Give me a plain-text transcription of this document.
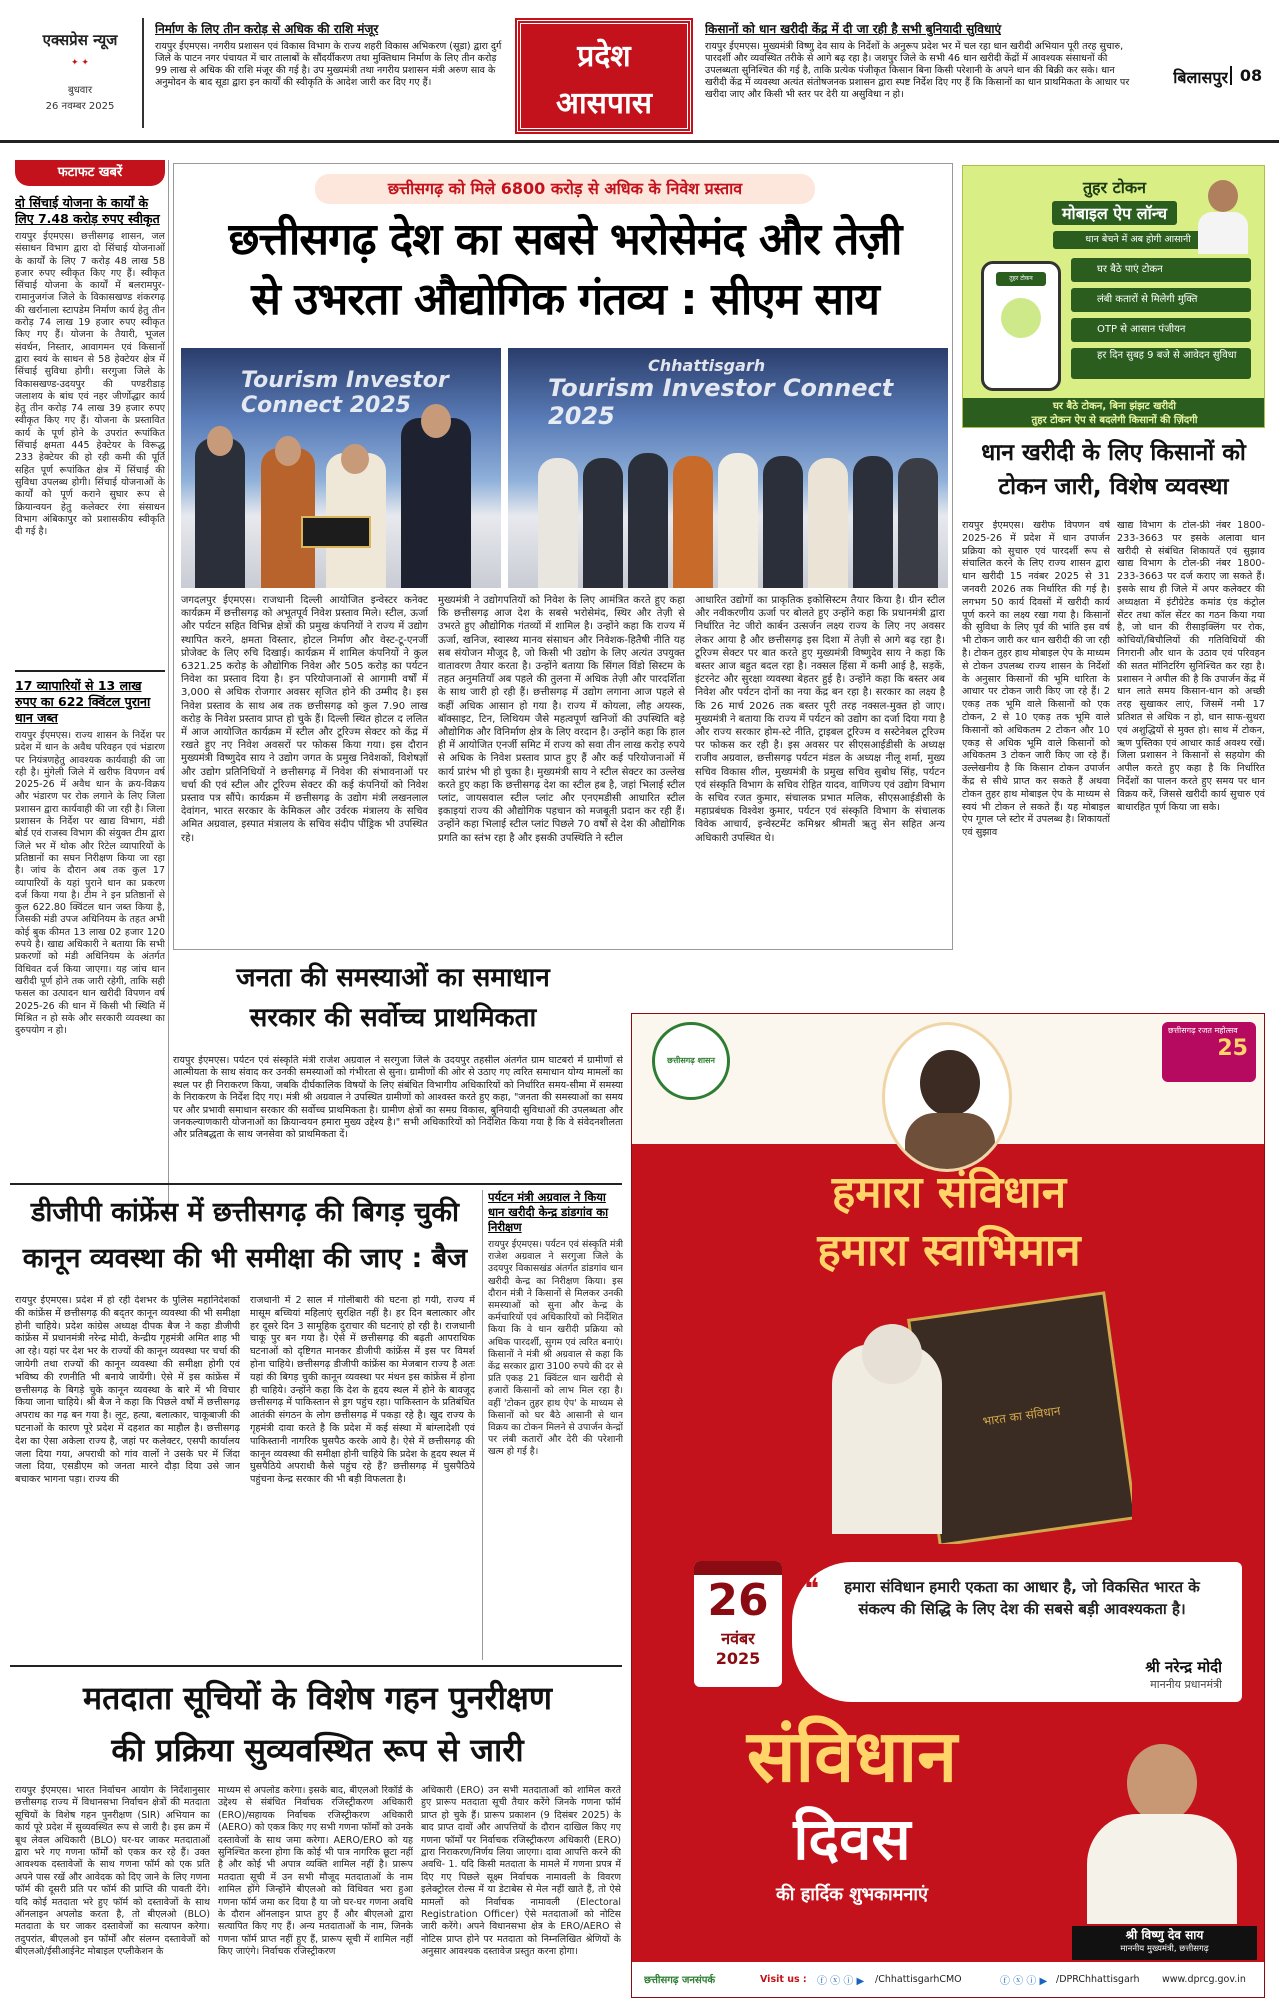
एक्सप्रेस न्यूज
✦ ✦
बुधवार
26 नवम्बर 2025
निर्माण के लिए तीन करोड़ से अधिक की राशि मंजूर
रायपुर ईएमएस। नगरीय प्रशासन एवं विकास विभाग के राज्य शहरी विकास अभिकरण (सूडा) द्वारा दुर्ग जिले के पाटन नगर पंचायत में चार तालाबों के सौंदर्यीकरण तथा मुक्तिधाम निर्माण के लिए तीन करोड़ 99 लाख से अधिक की राशि मंजूर की गई है। उप मुख्यमंत्री तथा नगरीय प्रशासन मंत्री अरुण साव के अनुमोदन के बाद सूडा द्वारा इन कार्यों की स्वीकृति के आदेश जारी कर दिए गए हैं।
प्रदेश
आसपास
किसानों को धान खरीदी केंद्र में दी जा रही है सभी बुनियादी सुविधाएं
रायपुर ईएमएस। मुख्यमंत्री विष्णु देव साय के निर्देशों के अनुरूप प्रदेश भर में चल रहा धान खरीदी अभियान पूरी तरह सुचारु, पारदर्शी और व्यवस्थित तरीके से आगे बढ़ रहा है। जशपुर जिले के सभी 46 धान खरीदी केंद्रों में आवश्यक संसाधनों की उपलब्धता सुनिश्चित की गई है, ताकि प्रत्येक पंजीकृत किसान बिना किसी परेशानी के अपने धान की बिक्री कर सके। धान खरीदी केंद्र में व्यवस्था अत्यंत संतोषजनक प्रशासन द्वारा स्पष्ट निर्देश दिए गए हैं कि किसानों का धान प्राथमिकता के आधार पर खरीदा जाए और किसी भी स्तर पर देरी या असुविधा न हो।
बिलासपुर 08
फटाफट खबरें
दो सिंचाई योजना के कार्यों के लिए 7.48 करोड़ रुपए स्वीकृत
रायपुर ईएमएस। छत्तीसगढ़ शासन, जल संसाधन विभाग द्वारा दो सिंचाई योजनाओं के कार्यों के लिए 7 करोड़ 48 लाख 58 हजार रुपए स्वीकृत किए गए हैं। स्वीकृत सिंचाई योजना के कार्यों में बलरामपुर-रामानुजगंज जिले के विकासखण्ड शंकरगढ़ की खर्रानाला स्टापडेम निर्माण कार्य हेतु तीन करोड़ 74 लाख 19 हजार रुपए स्वीकृत किए गए हैं। योजना के तैयारी, भूजल संवर्धन, निस्तार, आवागमन एवं किसानों द्वारा स्वयं के साधन से 58 हेक्टेयर क्षेत्र में सिंचाई सुविधा होगी। सरगुजा जिले के विकासखण्ड-उदयपुर की पण्डरीडाड़ जलाशय के बांध एवं नहर जीर्णोद्धार कार्य हेतु तीन करोड़ 74 लाख 39 हजार रुपए स्वीकृत किए गए हैं। योजना के प्रस्तावित कार्य के पूर्ण होने के उपरांत रूपांकित सिंचाई क्षमता 445 हेक्टेयर के विरूद्ध 233 हेक्टेयर की हो रही कमी की पूर्ति सहित पूर्ण रूपांकित क्षेत्र में सिंचाई की सुविधा उपलब्ध होगी। सिंचाई योजनाओं के कार्यों को पूर्ण कराने सुघार रूप से क्रियान्वयन हेतु कलेक्टर रंगा संसाधन विभाग अंबिकापुर को प्रशासकीय स्वीकृति दी गई है।
17 व्यापारियों से 13 लाख रुपए का 622 क्विंटल पुराना धान जब्त
रायपुर ईएमएस। राज्य शासन के निर्देश पर प्रदेश में धान के अवैध परिवहन एवं भंडारण पर नियंत्रणहेतु आवश्यक कार्यवाही की जा रही है। मुंगेली जिले में खरीफ विपणन वर्ष 2025-26 में अवैध धान के क्रय-विक्रय और भंडारण पर रोक लगाने के लिए जिला प्रशासन द्वारा कार्यवाही की जा रही है। जिला प्रशासन के निर्देश पर खाद्य विभाग, मंडी बोर्ड एवं राजस्व विभाग की संयुक्त टीम द्वारा जिले भर में थोक और रिटेल व्यापारियों के प्रतिष्ठानों का सघन निरीक्षण किया जा रहा है। जांच के दौरान अब तक कुल 17 व्यापारियों के यहां पुराने धान का प्रकरण दर्ज किया गया है। टीम ने इन प्रतिष्ठानों से कुल 622.80 क्विंटल धान जब्त किया है, जिसकी मंडी उपज अधिनियम के तहत अभी कोई बुक कीमत 13 लाख 02 हजार 120 रुपये है। खाद्य अधिकारी ने बताया कि सभी प्रकरणों को मंडी अधिनियम के अंतर्गत विधिवत दर्ज किया जाएगा। यह जांच धान खरीदी पूर्ण होने तक जारी रहेगी, ताकि सही फसल का उत्पादन धान खरीदी विपणन वर्ष 2025-26 की धान में किसी भी स्थिति में मिश्रित न हो सके और सरकारी व्यवस्था का दुरुपयोग न हो।
छत्तीसगढ़ को मिले 6800 करोड़ से अधिक के निवेश प्रस्ताव
छत्तीसगढ़ देश का सबसे भरोसेमंद और तेज़ी
से उभरता औद्योगिक गंतव्य : सीएम साय
Tourism Investor Connect 2025
Chhattisgarh
Tourism Investor Connect 2025
जगदलपुर ईएमएस। राजधानी दिल्ली आयोजित इन्वेस्टर कनेक्ट कार्यक्रम में छत्तीसगढ़ को अभूतपूर्व निवेश प्रस्ताव मिले। स्टील, ऊर्जा और पर्यटन सहित विभिन्न क्षेत्रों की प्रमुख कंपनियों ने राज्य में उद्योग स्थापित करने, क्षमता विस्तार, होटल निर्माण और वेस्ट-टू-एनर्जी प्रोजेक्ट के लिए रुचि दिखाई। कार्यक्रम में शामिल कंपनियों ने कुल 6321.25 करोड़ के औद्योगिक निवेश और 505 करोड़ का पर्यटन निवेश का प्रस्ताव दिया है। इन परियोजनाओं से आगामी वर्षों में 3,000 से अधिक रोजगार अवसर सृजित होने की उम्मीद है। इस निवेश प्रस्ताव के साथ अब तक छत्तीसगढ़ को कुल 7.90 लाख करोड़ के निवेश प्रस्ताव प्राप्त हो चुके हैं। दिल्ली स्थित होटल द ललित में आज आयोजित कार्यक्रम में स्टील और टूरिज्म सेक्टर को केंद्र में रखते हुए नए निवेश अवसरों पर फोकस किया गया। इस दौरान मुख्यमंत्री विष्णुदेव साय ने उद्योग जगत के प्रमुख निवेशकों, विशेषज्ञों और उद्योग प्रतिनिधियों ने छत्तीसगढ़ में निवेश की संभावनाओं पर चर्चा की एवं स्टील और टूरिज्म सेक्टर की कई कंपनियों को निवेश प्रस्ताव पत्र सौंपे। कार्यक्रम में छत्तीसगढ़ के उद्योग मंत्री लखनलाल देवांगन, भारत सरकार के केमिकल और उर्वरक मंत्रालय के सचिव अमित अग्रवाल, इस्पात मंत्रालय के सचिव संदीप पौंड्रिक भी उपस्थित रहे।
मुख्यमंत्री ने उद्योगपतियों को निवेश के लिए आमंत्रित करते हुए कहा कि छत्तीसगढ़ आज देश के सबसे भरोसेमंद, स्थिर और तेज़ी से उभरते हुए औद्योगिक गंतव्यों में शामिल है। उन्होंने कहा कि राज्य में ऊर्जा, खनिज, स्वास्थ्य मानव संसाधन और निवेशक-हितैषी नीति यह सब संयोजन मौजूद है, जो किसी भी उद्योग के लिए अत्यंत उपयुक्त वातावरण तैयार करता है। उन्होंने बताया कि सिंगल विंडो सिस्टम के तहत अनुमतियाँ अब पहले की तुलना में अधिक तेज़ी और पारदर्शिता के साथ जारी हो रही हैं। छत्तीसगढ़ में उद्योग लगाना आज पहले से कहीं अधिक आसान हो गया है। राज्य में कोयला, लौह अयस्क, बॉक्साइट, टिन, लिथियम जैसे महत्वपूर्ण खनिजों की उपस्थिति बड़े औद्योगिक और विनिर्माण क्षेत्र के लिए वरदान है। उन्होंने कहा कि हाल ही में आयोजित एनर्जी समिट में राज्य को सवा तीन लाख करोड़ रुपये से अधिक के निवेश प्रस्ताव प्राप्त हुए हैं और कई परियोजनाओं में कार्य प्रारंभ भी हो चुका है। मुख्यमंत्री साय ने स्टील सेक्टर का उल्लेख करते हुए कहा कि छत्तीसगढ़ देश का स्टील हब है, जहां भिलाई स्टील प्लांट, जायसवाल स्टील प्लांट और एनएमडीसी आधारित स्टील इकाइयां राज्य की औद्योगिक पहचान को मजबूती प्रदान कर रही हैं। उन्होंने कहा भिलाई स्टील प्लांट पिछले 70 वर्षों से देश की औद्योगिक प्रगति का स्तंभ रहा है और इसकी उपस्थिति ने स्टील
आधारित उद्योगों का प्राकृतिक इकोसिस्टम तैयार किया है। ग्रीन स्टील और नवीकरणीय ऊर्जा पर बोलते हुए उन्होंने कहा कि प्रधानमंत्री द्वारा निर्धारित नेट जीरो कार्बन उत्सर्जन लक्ष्य राज्य के लिए नए अवसर लेकर आया है और छत्तीसगढ़ इस दिशा में तेज़ी से आगे बढ़ रहा है। टूरिज्म सेक्टर पर बात करते हुए मुख्यमंत्री विष्णुदेव साय ने कहा कि बस्तर आज बहुत बदल रहा है। नक्सल हिंसा में कमी आई है, सड़कें, इंटरनेट और सुरक्षा व्यवस्था बेहतर हुई है। उन्होंने कहा कि बस्तर अब निवेश और पर्यटन दोनों का नया केंद्र बन रहा है। सरकार का लक्ष्य है कि 26 मार्च 2026 तक बस्तर पूरी तरह नक्सल-मुक्त हो जाए। मुख्यमंत्री ने बताया कि राज्य में पर्यटन को उद्योग का दर्जा दिया गया है और राज्य सरकार होम-स्टे नीति, ट्राइबल टूरिज्म व सस्टेनेबल टूरिज्म पर फोकस कर रही है। इस अवसर पर सीएसआईडीसी के अध्यक्ष राजीव अग्रवाल, छत्तीसगढ़ पर्यटन मंडल के अध्यक्ष नीलू शर्मा, मुख्य सचिव विकास शील, मुख्यमंत्री के प्रमुख सचिव सुबोध सिंह, पर्यटन एवं संस्कृति विभाग के सचिव रोहित यादव, वाणिज्य एवं उद्योग विभाग के सचिव रजत कुमार, संचालक प्रभात मलिक, सीएसआईडीसी के महाप्रबंधक विश्वेश कुमार, पर्यटन एवं संस्कृति विभाग के संचालक विवेक आचार्य, इन्वेस्टमेंट कमिश्नर श्रीमती ऋतु सेन सहित अन्य अधिकारी उपस्थित थे।
तुहर टोकन
मोबाइल ऐप लॉन्च
धान बेचने में अब होगी आसानी
तुहर टोकन
घर बैठे पाएं टोकन
लंबी कतारों से मिलेगी मुक्ति
OTP से आसान पंजीयन
हर दिन सुबह 9 बजे से आवेदन सुविधा
घर बैठे टोकन, बिना झंझट खरीदी
तुहर टोकन ऐप से बदलेगी किसानों की ज़िंदगी
धान खरीदी के लिए किसानों को टोकन जारी, विशेष व्यवस्था
रायपुर ईएमएस। खरीफ विपणन वर्ष 2025-26 में प्रदेश में धान उपार्जन प्रक्रिया को सुचारु एवं पारदर्शी रूप से संचालित करने के लिए राज्य शासन द्वारा धान खरीदी 15 नवंबर 2025 से 31 जनवरी 2026 तक निर्धारित की गई है। लगभग 50 कार्य दिवसों में खरीदी कार्य पूर्ण करने का लक्ष्य रखा गया है। किसानों की सुविधा के लिए पूर्व की भांति इस वर्ष भी टोकन जारी कर धान खरीदी की जा रही है। टोकन तुहर हाथ मोबाइल ऐप के माध्यम से टोकन उपलब्ध राज्य शासन के निर्देशों के अनुसार किसानों की भूमि धारिता के आधार पर टोकन जारी किए जा रहे हैं। 2 एकड़ तक भूमि वाले किसानों को एक टोकन, 2 से 10 एकड़ तक भूमि वाले किसानों को अधिकतम 2 टोकन और 10 एकड़ से अधिक भूमि वाले किसानों को अधिकतम 3 टोकन जारी किए जा रहे हैं। उल्लेखनीय है कि किसान टोकन उपार्जन केंद्र से सीधे प्राप्त कर सकते हैं अथवा टोकन तुहर हाथ मोबाइल ऐप के माध्यम से स्वयं भी टोकन ले सकते हैं। यह मोबाइल ऐप गूगल प्ले स्टोर में उपलब्ध है। शिकायतों एवं सुझाव
खाद्य विभाग के टोल-फ्री नंबर 1800-233-3663 पर इसके अलावा धान खरीदी से संबंधित शिकायतें एवं सुझाव खाद्य विभाग के टोल-फ्री नंबर 1800-233-3663 पर दर्ज कराए जा सकते हैं। इसके साथ ही जिले में अपर कलेक्टर की अध्यक्षता में इंटीग्रेटेड कमांड एंड कंट्रोल सेंटर तथा कॉल सेंटर का गठन किया गया है, जो धान की रीसाइक्लिंग पर रोक, कोचियों/बिचौलियों की गतिविधियों की निगरानी और धान के उठाव एवं परिवहन की सतत मॉनिटरिंग सुनिश्चित कर रहा है। प्रशासन ने अपील की है कि उपार्जन केंद्र में धान लाते समय किसान-धान को अच्छी तरह सुखाकर लाएं, जिसमें नमी 17 प्रतिशत से अधिक न हो, धान साफ-सुथरा एवं अशुद्धियों से मुक्त हो। साथ में टोकन, ऋण पुस्तिका एवं आधार कार्ड अवश्य रखें। जिला प्रशासन ने किसानों से सहयोग की अपील करते हुए कहा है कि निर्धारित निर्देशों का पालन करते हुए समय पर धान विक्रय करें, जिससे खरीदी कार्य सुचारु एवं बाधारहित पूर्ण किया जा सके।
जनता की समस्याओं का समाधान
सरकार की सर्वोच्च प्राथमिकता
रायपुर ईएमएस। पर्यटन एवं संस्कृति मंत्री राजेश अग्रवाल ने सरगुजा जिले के उदयपुर तहसील अंतर्गत ग्राम घाटबर्रा में ग्रामीणों से आत्मीयता के साथ संवाद कर उनकी समस्याओं को गंभीरता से सुना। ग्रामीणों की ओर से उठाए गए त्वरित समाधान योग्य मामलों का स्थल पर ही निराकरण किया, जबकि दीर्घकालिक विषयों के लिए संबंधित विभागीय अधिकारियों को निर्धारित समय-सीमा में समस्या के निराकरण के निर्देश दिए गए। मंत्री श्री अग्रवाल ने उपस्थित ग्रामीणों को आश्वस्त करते हुए कहा, "जनता की समस्याओं का समय पर और प्रभावी समाधान सरकार की सर्वोच्च प्राथमिकता है। ग्रामीण क्षेत्रों का समग्र विकास, बुनियादी सुविधाओं की उपलब्धता और जनकल्याणकारी योजनाओं का क्रियान्वयन हमारा मुख्य उद्देश्य है।" सभी अधिकारियों को निर्देशित किया गया है कि वे संवेदनशीलता और प्रतिबद्धता के साथ जनसेवा को प्राथमिकता दें।
डीजीपी कांफ्रेंस में छत्तीसगढ़ की बिगड़ चुकी
कानून व्यवस्था की भी समीक्षा की जाए : बैज
रायपुर ईएमएस। प्रदेश में हो रही देशभर के पुलिस महानिदेशकों की कांफ्रेंस में छत्तीसगढ़ की बद्तर कानून व्यवस्था की भी समीक्षा होनी चाहिये। प्रदेश कांग्रेस अध्यक्ष दीपक बैज ने कहा डीजीपी कांफ्रेंस में प्रधानमंत्री नरेन्द्र मोदी, केन्द्रीय गृहमंत्री अमित शाह भी आ रहे। यहां पर देश भर के राज्यों की कानून व्यवस्था पर चर्चा की जायेगी तथा राज्यों की कानून व्यवस्था की समीक्षा होगी एवं भविष्य की रणनीति भी बनाये जायेंगी। ऐसे में इस कांफ्रेंस में छत्तीसगढ़ के बिगड़े चुके कानून व्यवस्था के बारे में भी विचार किया जाना चाहिये। श्री बैज ने कहा कि पिछले वर्षों में छत्तीसगढ़ अपराध का गढ़ बन गया है। लूट, हत्या, बलात्कार, चाकूबाजी की घटनाओं के कारण पूरे प्रदेश में दहशत का माहौल है। छत्तीसगढ़ देश का ऐसा अकेला राज्य है, जहां पर कलेक्टर, एसपी कार्यालय जला दिया गया, अपराधी को गांव वालों ने उसके घर में जिंदा जला दिया, एसडीएम को जनता मारने दौड़ा दिया उसे जान बचाकर भागना पड़ा। राज्य की
राजधानी में 2 साल में गोलीबारी की घटना हो गयी, राज्य में मासूम बच्चियां महिलाएं सुरक्षित नहीं है। हर दिन बलात्कार और हर दूसरे दिन 3 सामूहिक दुराचार की घटनाएं हो रही है। राजधानी चाकू पुर बन गया है। ऐसे में छत्तीसगढ़ की बढ़ती आपराधिक घटनाओं को दृष्टिगत मानकर डीजीपी कांफ्रेंस में इस पर विमर्श होना चाहिये। छत्तीसगढ़ डीजीपी कांफ्रेंस का मेजबान राज्य है अतः यहां की बिगड़ चुकी कानून व्यवस्था पर मंथन इस कांफ्रेंस में होना ही चाहिये। उन्होंने कहा कि देश के हृदय स्थल में होने के बावजूद छत्तीसगढ़ में पाकिस्तान से ड्रग पहुंच रहा। पाकिस्तान के प्रतिबंधित आतंकी संगठन के लोग छत्तीसगढ़ में पकड़ा रहे है। खुद राज्य के गृहमंत्री दावा करते है कि प्रदेश में कई संस्था में बांग्लादेशी एवं पाकिस्तानी नागरिक घुसपैठ करके आये है। ऐसे में छत्तीसगढ़ की कानून व्यवस्था की समीक्षा होनी चाहिये कि प्रदेश के हृदय स्थल में घुसपैठिये अपराधी कैसे पहुंच रहे हैं? छत्तीसगढ़ में घुसपैठिये पहुंचना केन्द्र सरकार की भी बड़ी विफलता है।
पर्यटन मंत्री अग्रवाल ने किया धान खरीदी केन्द्र डांडगांव का निरीक्षण
रायपुर ईएमएस। पर्यटन एवं संस्कृति मंत्री राजेश अग्रवाल ने सरगुजा जिले के उदयपुर विकासखंड अंतर्गत डांडगांव धान खरीदी केन्द्र का निरीक्षण किया। इस दौरान मंत्री ने किसानों से मिलकर उनकी समस्याओं को सुना और केन्द्र के कर्मचारियों एवं अधिकारियों को निर्देशित किया कि वे धान खरीदी प्रक्रिया को अधिक पारदर्शी, सुगम एवं त्वरित बनाएं। किसानों ने मंत्री श्री अग्रवाल से कहा कि केंद्र सरकार द्वारा 3100 रुपये की दर से प्रति एकड़ 21 क्विंटल धान खरीदी से हजारों किसानों को लाभ मिल रहा है। वहीं 'टोकन तुहर हाथ ऐप' के माध्यम से किसानों को घर बैठे आसानी से धान विक्रय का टोकन मिलने से उपार्जन केन्द्रों पर लंबी कतारों और देरी की परेशानी खत्म हो गई है।
मतदाता सूचियों के विशेष गहन पुनरीक्षण
की प्रक्रिया सुव्यवस्थित रूप से जारी
रायपुर ईएमएस। भारत निर्वाचन आयोग के निर्देशानुसार छत्तीसगढ़ राज्य में विधानसभा निर्वाचन क्षेत्रों की मतदाता सूचियों के विशेष गहन पुनरीक्षण (SIR) अभियान का कार्य पूरे प्रदेश में सुव्यवस्थित रूप से जारी है। इस क्रम में बूथ लेवल अधिकारी (BLO) घर-घर जाकर मतदाताओं द्वारा भरे गए गणना फॉर्मों को एकत्र कर रहे हैं। उक्त आवश्यक दस्तावेजों के साथ गणना फॉर्म को एक प्रति अपने पास रखें और आवेदक को दिए जाने के लिए गणना फॉर्म की दूसरी प्रति पर फॉर्म की प्राप्ति की पावती देंगे। यदि कोई मतदाता भरे हुए फॉर्म को दस्तावेजों के साथ ऑनलाइन अपलोड करता है, तो बीएलओ (BLO) मतदाता के घर जाकर दस्तावेजों का सत्यापन करेगा। तदुपरांत, बीएलओ इन फॉर्मों और संलग्न दस्तावेजों को बीएलओ/ईसीआईनेट मोबाइल एप्लीकेशन के
माध्यम से अपलोड करेगा। इसके बाद, बीएलओ रिकॉर्ड के उद्देश्य से संबंधित निर्वाचक रजिस्ट्रीकरण अधिकारी (ERO)/सहायक निर्वाचक रजिस्ट्रीकरण अधिकारी (AERO) को एकत्र किए गए सभी गणना फॉर्मों को उनके दस्तावेजों के साथ जमा करेगा। AERO/ERO को यह सुनिश्चित करना होगा कि कोई भी पात्र नागरिक छूटा नहीं है और कोई भी अपात्र व्यक्ति शामिल नहीं है। प्रारूप मतदाता सूची में उन सभी मौजूद मतदाताओं के नाम शामिल होंगे जिन्होंने बीएलओ को विधिवत भरा हुआ गणना फॉर्म जमा कर दिया है या जो घर-घर गणना अवधि के दौरान ऑनलाइन प्राप्त हुए हैं और बीएलओ द्वारा सत्यापित किए गए हैं। अन्य मतदाताओं के नाम, जिनके गणना फॉर्म प्राप्त नहीं हुए हैं, प्रारूप सूची में शामिल नहीं किए जाएंगे। निर्वाचक रजिस्ट्रीकरण
अधिकारी (ERO) उन सभी मतदाताओं को शामिल करते हुए प्रारूप मतदाता सूची तैयार करेंगे जिनके गणना फॉर्म प्राप्त हो चुके हैं। प्रारूप प्रकाशन (9 दिसंबर 2025) के बाद प्राप्त दावों और आपत्तियों के दौरान दाखिल किए गए गणना फॉर्मों पर निर्वाचक रजिस्ट्रीकरण अधिकारी (ERO) द्वारा निराकरण/निर्णय लिया जाएगा। दावा आपत्ति करने की अवधि- 1. यदि किसी मतदाता के मामले में गणना प्रपत्र में दिए गए पिछले सूक्ष्म निर्वाचक नामावली के विवरण इलेक्ट्रोरल रोल्स में या डेटाबेस से मेल नहीं खाते हैं, तो ऐसे मामलों को निर्वाचक नामावली (Electoral Registration Officer) ऐसे मतदाताओं को नोटिस जारी करेंगे। अपने विधानसभा क्षेत्र के ERO/AERO से नोटिस प्राप्त होने पर मतदाता को निम्नलिखित श्रेणियों के अनुसार आवश्यक दस्तावेज प्रस्तुत करना होगा।
छत्तीसगढ़ शासन
छत्तीसगढ़ रजत महोत्सव
25
हमारा संविधान
हमारा स्वाभिमान
भारत का संविधान
26
नवंबर
2025
❝	हमारा संविधान हमारी एकता का आधार है, जो विकसित भारत के संकल्प की सिद्धि के लिए देश की सबसे बड़ी आवश्यकता है।
श्री नरेन्द्र मोदी
माननीय प्रधानमंत्री
संविधान
दिवस
की हार्दिक शुभकामनाएं
श्री विष्णु देव साय
माननीय मुख्यमंत्री, छत्तीसगढ़
छत्तीसगढ़ जनसंपर्क	Visit us :	ⓕ ⓧ ⓘ ▶	/ChhattisgarhCMO	ⓕ ⓧ ⓘ ▶ /DPRChhattisgarh	www.dprcg.gov.in
